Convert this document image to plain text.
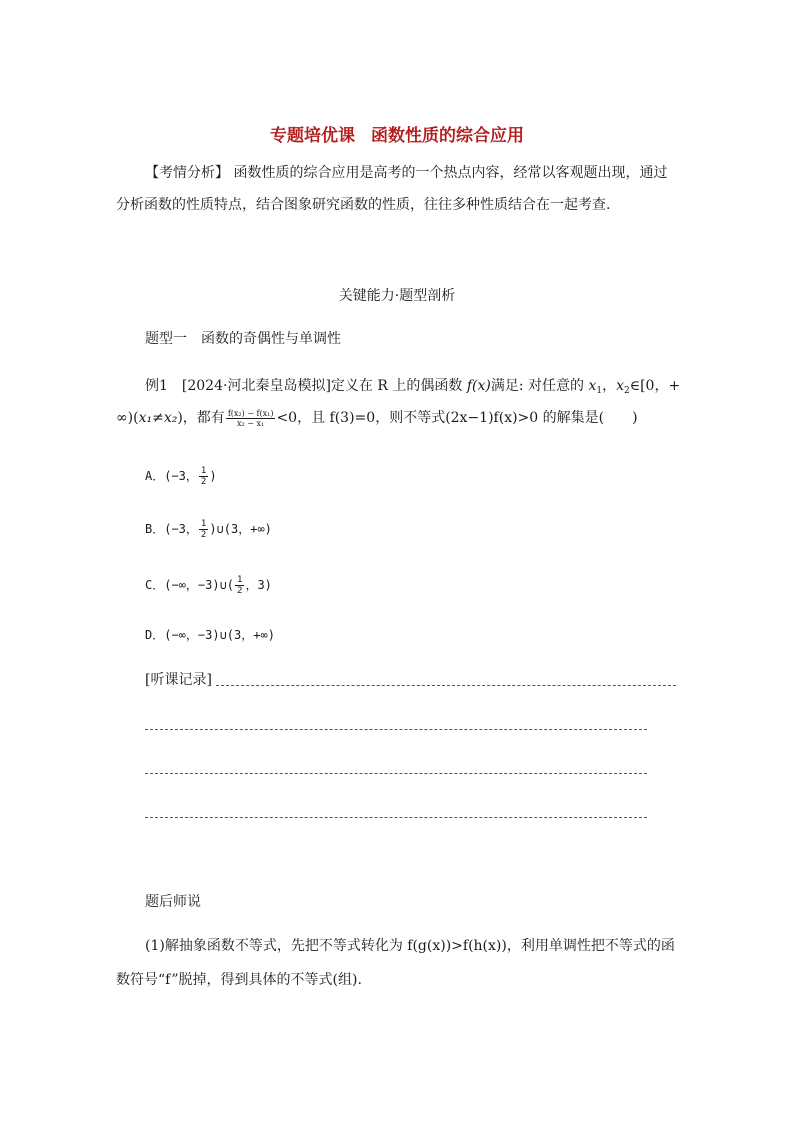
专题培优课 函数性质的综合应用
【考情分析】 函数性质的综合应用是高考的一个热点内容，经常以客观题出现，通过
分析函数的性质特点，结合图象研究函数的性质，往往多种性质结合在一起考查.
关键能力·题型剖析
题型一　函数的奇偶性与单调性
例1　[2024·河北秦皇岛模拟]定义在 R 上的偶函数 f(x)满足: 对任意的 $x_1$，$x_2\in[0$，+
∞)(x₁≠x₂)，都有 $\frac{\text{f(x₂) − f(x₁)}}{\text{x₂ − x₁}} <0$，且 f(3)=0，则不等式(2x−1)f(x)>0 的解集是(　　)
A．(−3， $\frac{1}{2}$ )
B．(−3， $\frac{1}{2}$ )∪(3，+∞)
C．(−∞，−3)∪( $\frac{1}{2}$ ，3)
D．(−∞，−3)∪(3，+∞)
[听课记录]
题后师说
(1)解抽象函数不等式，先把不等式转化为 f(g(x))>f(h(x))，利用单调性把不等式的函
数符号“f”脱掉，得到具体的不等式(组).
